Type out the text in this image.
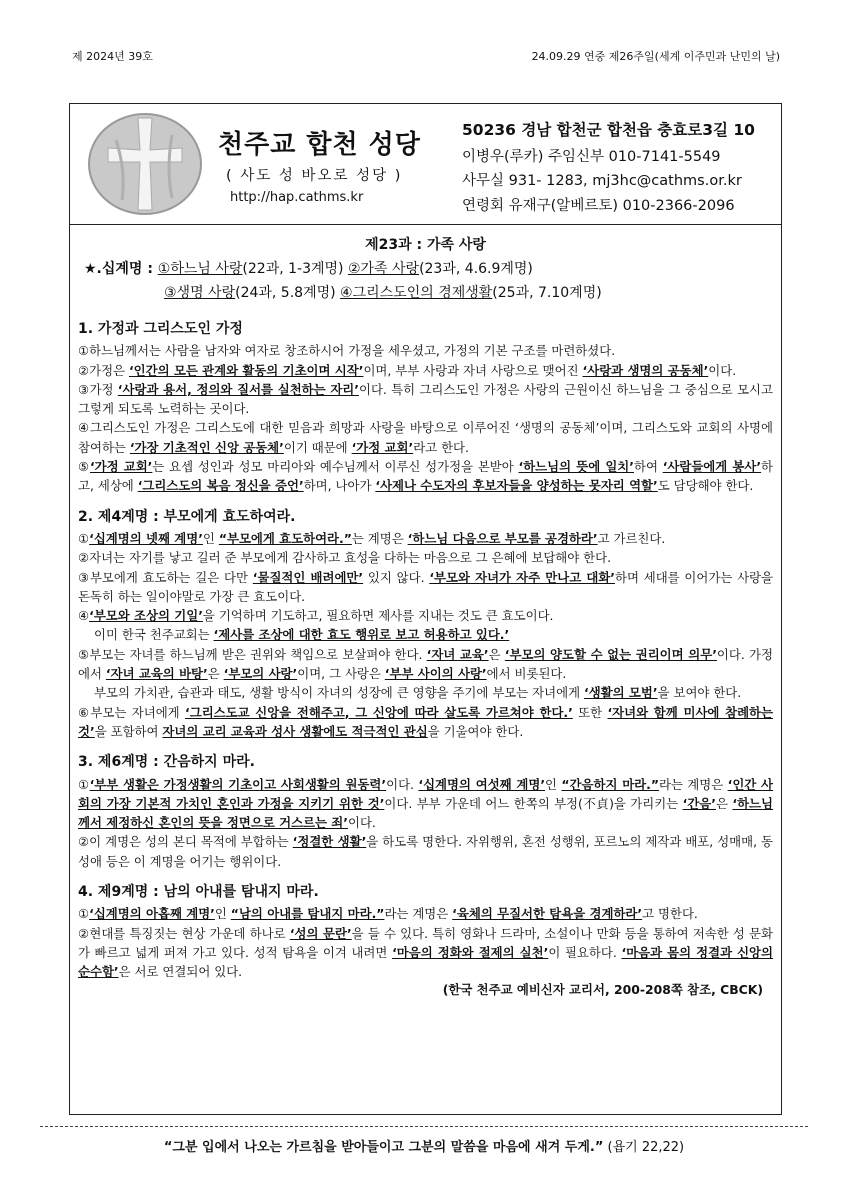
제 2024년 39호	24.09.29 연중 제26주일(세계 이주민과 난민의 날)
천주교 합천 성당
( 사도 성 바오로 성당 )
http://hap.cathms.kr
50236 경남 합천군 합천읍 충효로3길 10
이병우(루카) 주임신부 010-7141-5549
사무실 931- 1283, mj3hc@cathms.or.kr
연령회 유재구(알베르토) 010-2366-2096
제23과 : 가족 사랑
★.십계명 : ①하느님 사랑(22과, 1-3계명) ②가족 사랑(23과, 4.6.9계명)
③생명 사랑(24과, 5.8계명) ④그리스도인의 경제생활(25과, 7.10계명)
1. 가정과 그리스도인 가정
①하느님께서는 사람을 남자와 여자로 창조하시어 가정을 세우셨고, 가정의 기본 구조를 마련하셨다.
②가정은 ‘인간의 모든 관계와 활동의 기초이며 시작’이며, 부부 사랑과 자녀 사랑으로 맺어진 ‘사랑과 생명의 공동체’이다.
③가정 ‘사랑과 용서, 정의와 질서를 실천하는 자리’이다. 특히 그리스도인 가정은 사랑의 근원이신 하느님을 그 중심으로 모시고 그렇게 되도록 노력하는 곳이다.
④그리스도인 가정은 그리스도에 대한 믿음과 희망과 사랑을 바탕으로 이루어진 ‘생명의 공동체’이며, 그리스도와 교회의 사명에 참여하는 ‘가장 기초적인 신앙 공동체’이기 때문에 ‘가정 교회’라고 한다.
⑤‘가정 교회’는 요셉 성인과 성모 마리아와 예수님께서 이루신 성가정을 본받아 ‘하느님의 뜻에 일치’하여 ‘사람들에게 봉사’하고, 세상에 ‘그리스도의 복음 정신을 증언’하며, 나아가 ‘사제나 수도자의 후보자들을 양성하는 못자리 역할’도 담당해야 한다.
2. 제4계명 : 부모에게 효도하여라.
①‘십계명의 넷째 계명’인 “부모에게 효도하여라.”는 계명은 ‘하느님 다음으로 부모를 공경하라’고 가르친다.
②자녀는 자기를 낳고 길러 준 부모에게 감사하고 효성을 다하는 마음으로 그 은혜에 보답해야 한다.
③부모에게 효도하는 길은 다만 ‘물질적인 배려에만’ 있지 않다. ‘부모와 자녀가 자주 만나고 대화’하며 세대를 이어가는 사랑을 돈독히 하는 일이야말로 가장 큰 효도이다.
④‘부모와 조상의 기일’을 기억하며 기도하고, 필요하면 제사를 지내는 것도 큰 효도이다.
이미 한국 천주교회는 ‘제사를 조상에 대한 효도 행위로 보고 허용하고 있다.’
⑤부모는 자녀를 하느님께 받은 권위와 책임으로 보살펴야 한다. ‘자녀 교육’은 ‘부모의 양도할 수 없는 권리이며 의무’이다. 가정에서 ‘자녀 교육의 바탕’은 ‘부모의 사랑’이며, 그 사랑은 ‘부부 사이의 사랑’에서 비롯된다.
부모의 가치관, 습관과 태도, 생활 방식이 자녀의 성장에 큰 영향을 주기에 부모는 자녀에게 ‘생활의 모범’을 보여야 한다.
⑥부모는 자녀에게 ‘그리스도교 신앙을 전해주고, 그 신앙에 따라 살도록 가르쳐야 한다.’ 또한 ‘자녀와 함께 미사에 참례하는 것’을 포함하여 자녀의 교리 교육과 성사 생활에도 적극적인 관심을 기울여야 한다.
3. 제6계명 : 간음하지 마라.
①‘부부 생활은 가정생활의 기초이고 사회생활의 원동력’이다. ‘십계명의 여섯째 계명’인 “간음하지 마라.”라는 계명은 ‘인간 사회의 가장 기본적 가치인 혼인과 가정을 지키기 위한 것’이다. 부부 가운데 어느 한쪽의 부정(不貞)을 가리키는 ‘간음’은 ‘하느님께서 제정하신 혼인의 뜻을 정면으로 거스르는 죄’이다.
②이 계명은 성의 본디 목적에 부합하는 ‘정결한 생활’을 하도록 명한다. 자위행위, 혼전 성행위, 포르노의 제작과 배포, 성매매, 동성애 등은 이 계명을 어기는 행위이다.
4. 제9계명 : 남의 아내를 탐내지 마라.
①‘십계명의 아홉째 계명’인 “남의 아내를 탐내지 마라.”라는 계명은 ‘육체의 무질서한 탐욕을 경계하라’고 명한다.
②현대를 특징짓는 현상 가운데 하나로 ‘성의 문란’을 들 수 있다. 특히 영화나 드라마, 소설이나 만화 등을 통하여 저속한 성 문화가 빠르고 넓게 퍼져 가고 있다. 성적 탐욕을 이겨 내려면 ‘마음의 정화와 절제의 실천’이 필요하다. ‘마음과 몸의 정결과 신앙의 순수함’은 서로 연결되어 있다.
(한국 천주교 예비신자 교리서, 200-208쪽 참조, CBCK)
“그분 입에서 나오는 가르침을 받아들이고 그분의 말씀을 마음에 새겨 두게.” (욥기 22,22)
